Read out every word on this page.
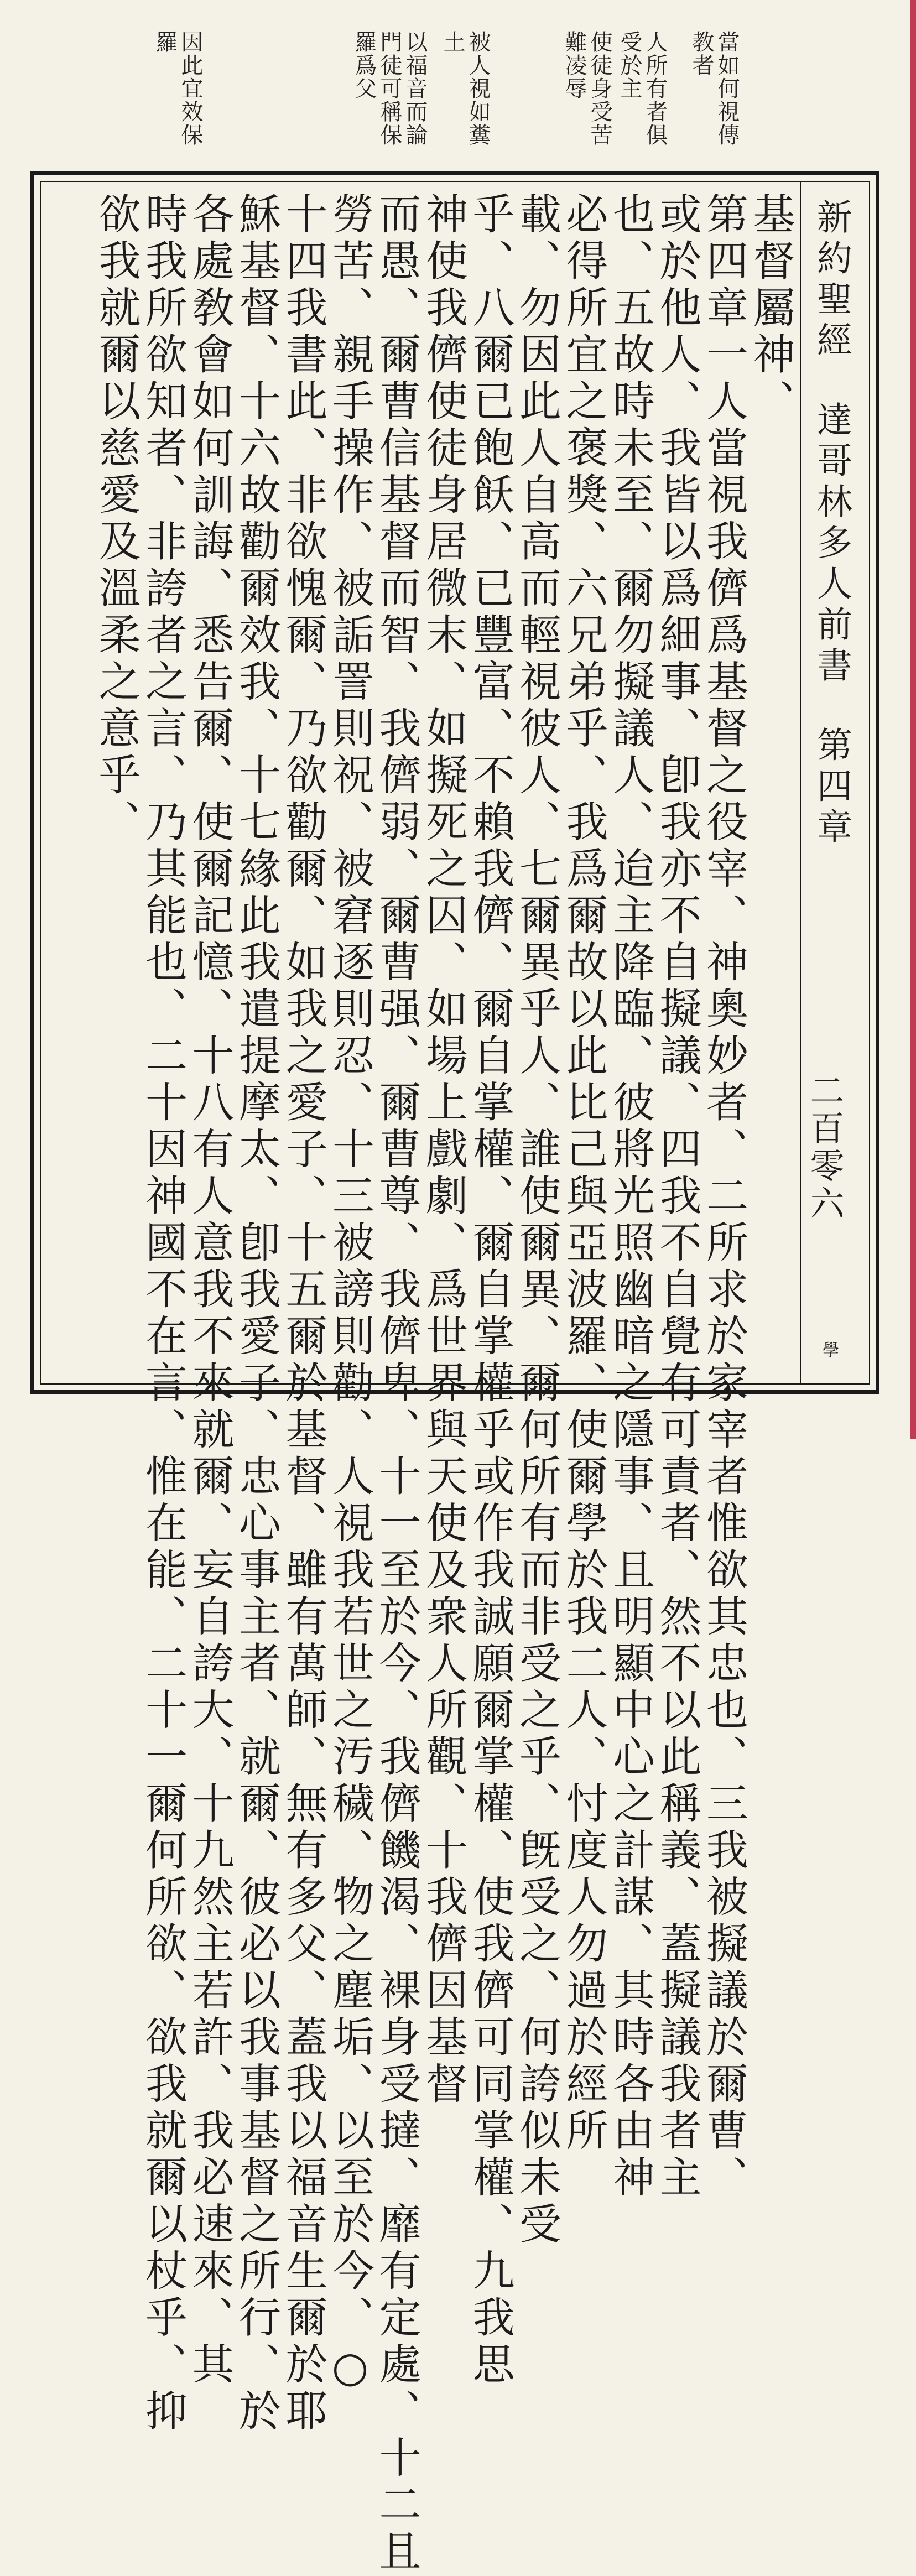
當如何視傳
教者
人所有者俱
受於主
使徒身受苦
難凌辱
被人視如糞
土
以福音而論
門徒可稱保
羅爲父
因此宜效保
羅
新約聖經達哥林多人前書第四章
二百零六
學
基督屬神、
第四章一人當視我儕爲基督之役宰、神奧妙者、二所求於家宰者惟欲其忠也、三我被擬議於爾曹、
或於他人、我皆以爲細事、卽我亦不自擬議、四我不自覺有可責者、然不以此稱義、蓋擬議我者主
也、五故時未至、爾勿擬議人、迨主降臨、彼將光照幽暗之隱事、且明顯中心之計謀、其時各由神
必得所宜之褒獎、六兄弟乎、我爲爾故以此比己與亞波羅、使爾學於我二人、忖度人勿過於經所
載、勿因此人自高而輕視彼人、七爾異乎人、誰使爾異、爾何所有而非受之乎、旣受之、何誇似未受
乎、八爾已飽飫、已豐富、不賴我儕、爾自掌權、爾自掌權乎或作我誠願爾掌權、使我儕可同掌權、九我思
神使我儕使徒身居微末、如擬死之囚、如場上戲劇、爲世界與天使及衆人所觀、十我儕因基督
而愚、爾曹信基督而智、我儕弱、爾曹强、爾曹尊、我儕卑、十一至於今、我儕饑渴、裸身受撻、靡有定處、十二且
勞苦、親手操作、被詬詈則祝、被窘逐則忍、十三被謗則勸、人視我若世之汚穢、物之塵垢、以至於今、○
十四我書此、非欲愧爾、乃欲勸爾、如我之愛子、十五爾於基督、雖有萬師、無有多父、蓋我以福音生爾於耶
穌基督、十六故勸爾效我、十七緣此我遣提摩太、卽我愛子、忠心事主者、就爾、彼必以我事基督之所行、於
各處敎會如何訓誨、悉告爾、使爾記憶、十八有人意我不來就爾、妄自誇大、十九然主若許、我必速來、其
時我所欲知者、非誇者之言、乃其能也、二十因神國不在言、惟在能、二十一爾何所欲、欲我就爾以杖乎、抑
欲我就爾以慈愛及溫柔之意乎、
